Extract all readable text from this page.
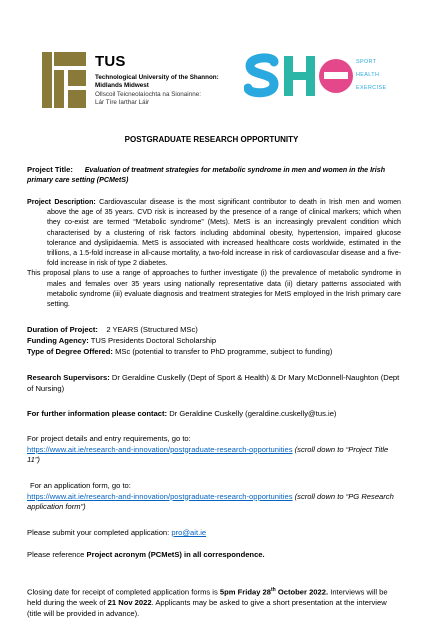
TUS
Technological University of the Shannon:
Midlands Midwest
Ollscoil Teicneolaíochta na Sionainne:
Lár Tíre Iarthar Láir
SPORT
HEALTH
EXERCISE
POSTGRADUATE RESEARCH OPPORTUNITY
Project Title: Evaluation of treatment strategies for metabolic syndrome in men and women in the Irish primary care setting (PCMetS)
Project Description: Cardiovascular disease is the most significant contributor to death in Irish men and women above the age of 35 years. CVD risk is increased by the presence of a range of clinical markers; which when they co-exist are termed “Metabolic syndrome” (Mets). MetS is an increasingly prevalent condition which characterised by a clustering of risk factors including abdominal obesity, hypertension, impaired glucose tolerance and dyslipidaemia. MetS is associated with increased healthcare costs worldwide, estimated in the trillions, a 1.5-fold increase in all-cause mortality, a two-fold increase in risk of cardiovascular disease and a five-fold increase in risk of type 2 diabetes.
This proposal plans to use a range of approaches to further investigate (i) the prevalence of metabolic syndrome in males and females over 35 years using nationally representative data (ii) dietary patterns associated with metabolic syndrome (iii) evaluate diagnosis and treatment strategies for MetS employed in the Irish primary care setting.
Duration of Project: 2 YEARS (Structured MSc)
Funding Agency: TUS Presidents Doctoral Scholarship
Type of Degree Offered: MSc (potential to transfer to PhD programme, subject to funding)
Research Supervisors: Dr Geraldine Cuskelly (Dept of Sport & Health) & Dr Mary McDonnell-Naughton (Dept of Nursing)
For further information please contact: Dr Geraldine Cuskelly (geraldine.cuskelly@tus.ie)
For project details and entry requirements, go to:
https://www.ait.ie/research-and-innovation/postgraduate-research-opportunities (scroll down to “Project Title 11”)
For an application form, go to:
https://www.ait.ie/research-and-innovation/postgraduate-research-opportunities (scroll down to “PG Research application form”)
Please submit your completed application: pro@ait.ie
Please reference Project acronym (PCMetS) in all correspondence.
Closing date for receipt of completed application forms is 5pm Friday 28th October 2022. Interviews will be held during the week of 21 Nov 2022. Applicants may be asked to give a short presentation at the interview (title will be provided in advance).
